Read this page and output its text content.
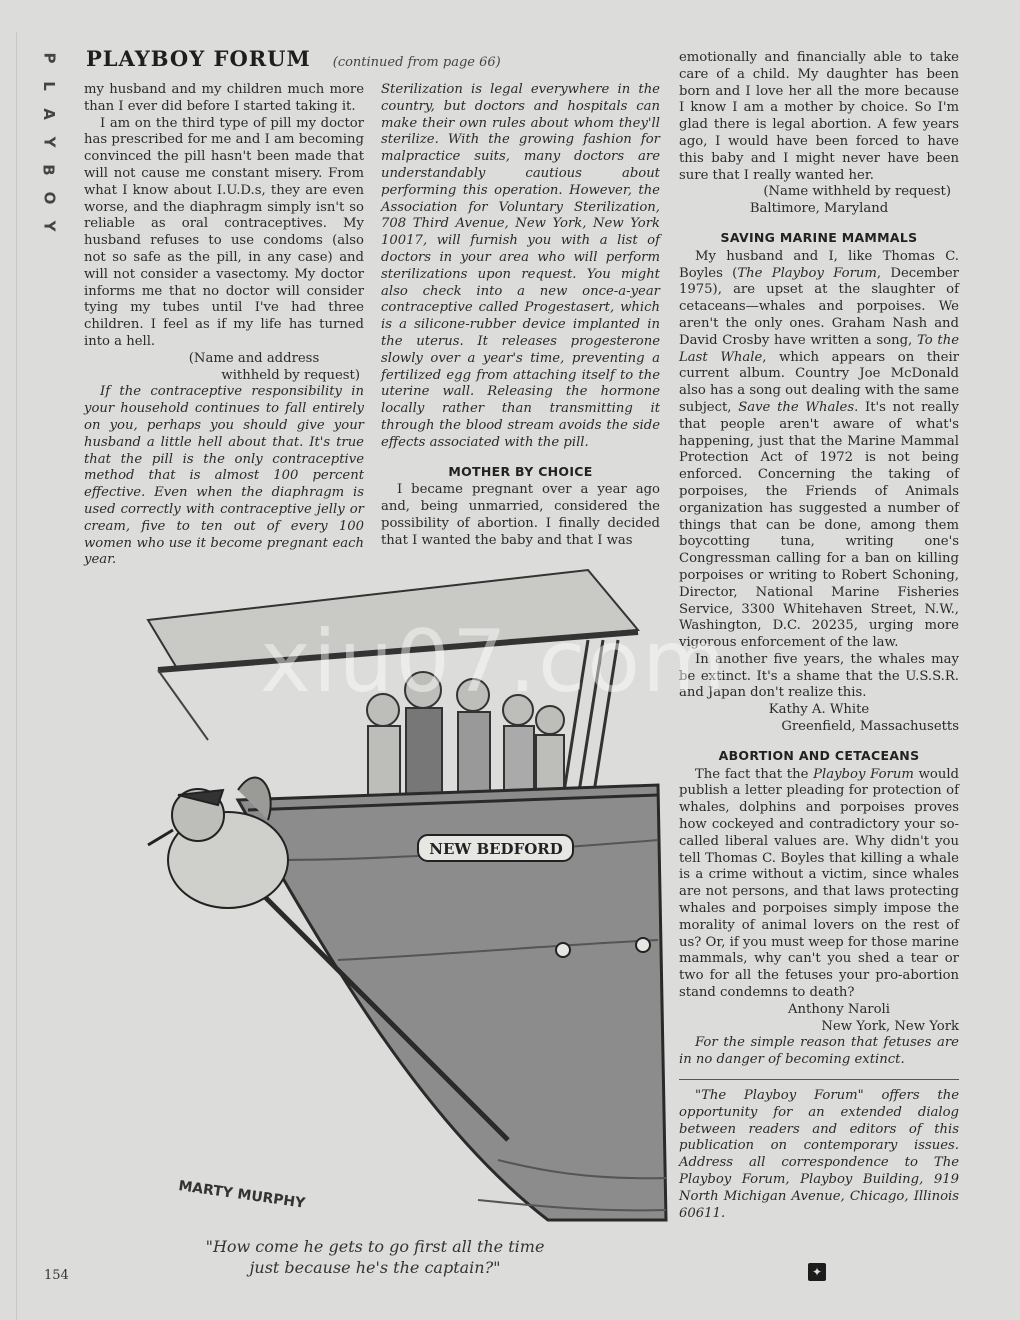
P
L
A
Y
B
O
Y
PLAYBOY FORUM (continued from page 66)

my husband and my children much more than I ever did before I started taking it.

I am on the third type of pill my doctor has prescribed for me and I am becoming convinced the pill hasn't been made that will not cause me constant misery. From what I know about I.U.D.s, they are even worse, and the diaphragm simply isn't so reliable as oral contraceptives. My husband refuses to use condoms (also not so safe as the pill, in any case) and will not consider a vasectomy. My doctor informs me that no doctor will consider tying my tubes until I've had three children. I feel as if my life has turned into a hell.

(Name and address

withheld by request)

If the contraceptive responsibility in your household continues to fall entirely on you, perhaps you should give your husband a little hell about that. It's true that the pill is the only contraceptive method that is almost 100 percent effective. Even when the diaphragm is used correctly with contraceptive jelly or cream, five to ten out of every 100 women who use it become pregnant each year.

Sterilization is legal everywhere in the country, but doctors and hospitals can make their own rules about whom they'll sterilize. With the growing fashion for malpractice suits, many doctors are understandably cautious about performing this operation. However, the Association for Voluntary Sterilization, 708 Third Avenue, New York, New York 10017, will furnish you with a list of doctors in your area who will perform sterilizations upon request. You might also check into a new once-a-year contraceptive called Progestasert, which is a silicone-rubber device implanted in the uterus. It releases progesterone slowly over a year's time, preventing a fertilized egg from attaching itself to the uterine wall. Releasing the hormone locally rather than transmitting it through the blood stream avoids the side effects associated with the pill.

MOTHER BY CHOICE

I became pregnant over a year ago and, being unmarried, considered the possibility of abortion. I finally decided that I wanted the baby and that I was

emotionally and financially able to take care of a child. My daughter has been born and I love her all the more because I know I am a mother by choice. So I'm glad there is legal abortion. A few years ago, I would have been forced to have this baby and I might never have been sure that I really wanted her.

(Name withheld by request)

Baltimore, Maryland

SAVING MARINE MAMMALS

My husband and I, like Thomas C. Boyles (The Playboy Forum, December 1975), are upset at the slaughter of cetaceans—whales and porpoises. We aren't the only ones. Graham Nash and David Crosby have written a song, To the Last Whale, which appears on their current album. Country Joe McDonald also has a song out dealing with the same subject, Save the Whales. It's not really that people aren't aware of what's happening, just that the Marine Mammal Protection Act of 1972 is not being enforced. Concerning the taking of porpoises, the Friends of Animals organization has suggested a number of things that can be done, among them boycotting tuna, writing one's Congressman calling for a ban on killing porpoises or writing to Robert Schoning, Director, National Marine Fisheries Service, 3300 Whitehaven Street, N.W., Washington, D.C. 20235, urging more vigorous enforcement of the law.

In another five years, the whales may be extinct. It's a shame that the U.S.S.R. and Japan don't realize this.

Kathy A. White

Greenfield, Massachusetts

ABORTION AND CETACEANS

The fact that the Playboy Forum would publish a letter pleading for protection of whales, dolphins and porpoises proves how cockeyed and contradictory your so-called liberal values are. Why didn't you tell Thomas C. Boyles that killing a whale is a crime without a victim, since whales are not persons, and that laws protecting whales and porpoises simply impose the morality of animal lovers on the rest of us? Or, if you must weep for those marine mammals, why can't you shed a tear or two for all the fetuses your pro-abortion stand condemns to death?

Anthony Naroli

New York, New York

For the simple reason that fetuses are in no danger of becoming extinct.

"The Playboy Forum" offers the opportunity for an extended dialog between readers and editors of this publication on contemporary issues. Address all correspondence to The Playboy Forum, Playboy Building, 919 North Michigan Avenue, Chicago, Illinois 60611.

NEW BEDFORD
MARTY MURPHY
xiu07.com
"How come he gets to go first all the time
just because he's the captain?"
154	✦
